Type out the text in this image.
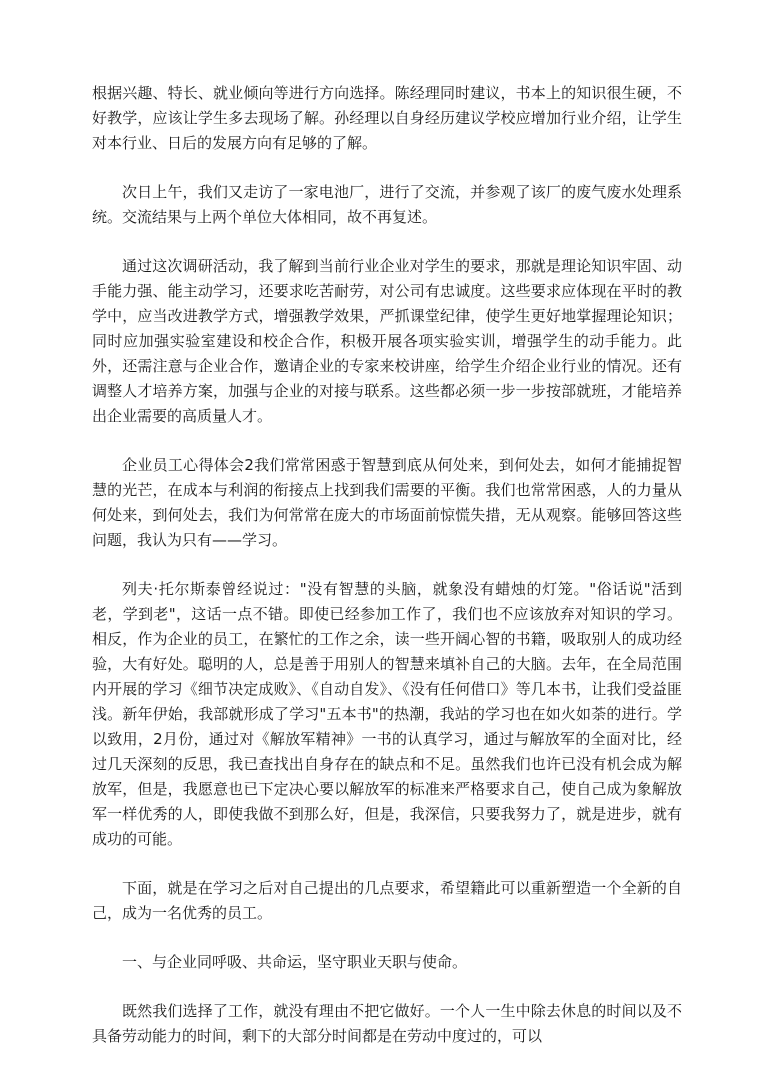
根据兴趣、特长、就业倾向等进行方向选择。陈经理同时建议，书本上的知识很生硬，不好教学，应该让学生多去现场了解。孙经理以自身经历建议学校应增加行业介绍，让学生对本行业、日后的发展方向有足够的了解。

次日上午，我们又走访了一家电池厂，进行了交流，并参观了该厂的废气废水处理系统。交流结果与上两个单位大体相同，故不再复述。

通过这次调研活动，我了解到当前行业企业对学生的要求，那就是理论知识牢固、动手能力强、能主动学习，还要求吃苦耐劳，对公司有忠诚度。这些要求应体现在平时的教学中，应当改进教学方式，增强教学效果，严抓课堂纪律，使学生更好地掌握理论知识；同时应加强实验室建设和校企合作，积极开展各项实验实训，增强学生的动手能力。此外，还需注意与企业合作，邀请企业的专家来校讲座，给学生介绍企业行业的情况。还有调整人才培养方案，加强与企业的对接与联系。这些都必须一步一步按部就班，才能培养出企业需要的高质量人才。

企业员工心得体会2我们常常困惑于智慧到底从何处来，到何处去，如何才能捕捉智慧的光芒，在成本与利润的衔接点上找到我们需要的平衡。我们也常常困惑，人的力量从何处来，到何处去，我们为何常常在庞大的市场面前惊慌失措，无从观察。能够回答这些问题，我认为只有——学习。

列夫·托尔斯泰曾经说过："没有智慧的头脑，就象没有蜡烛的灯笼。"俗话说"活到老，学到老"，这话一点不错。即使已经参加工作了，我们也不应该放弃对知识的学习。相反，作为企业的员工，在繁忙的工作之余，读一些开阔心智的书籍，吸取别人的成功经验，大有好处。聪明的人，总是善于用别人的智慧来填补自己的大脑。去年，在全局范围内开展的学习《细节决定成败》、《自动自发》、《没有任何借口》等几本书，让我们受益匪浅。新年伊始，我部就形成了学习"五本书"的热潮，我站的学习也在如火如荼的进行。学以致用，2月份，通过对《解放军精神》一书的认真学习，通过与解放军的全面对比，经过几天深刻的反思，我已查找出自身存在的缺点和不足。虽然我们也许已没有机会成为解放军，但是，我愿意也已下定决心要以解放军的标准来严格要求自己，使自己成为象解放军一样优秀的人，即使我做不到那么好，但是，我深信，只要我努力了，就是进步，就有成功的可能。

下面，就是在学习之后对自己提出的几点要求，希望籍此可以重新塑造一个全新的自己，成为一名优秀的员工。

一、与企业同呼吸、共命运，坚守职业天职与使命。

既然我们选择了工作，就没有理由不把它做好。一个人一生中除去休息的时间以及不具备劳动能力的时间，剩下的大部分时间都是在劳动中度过的，可以
